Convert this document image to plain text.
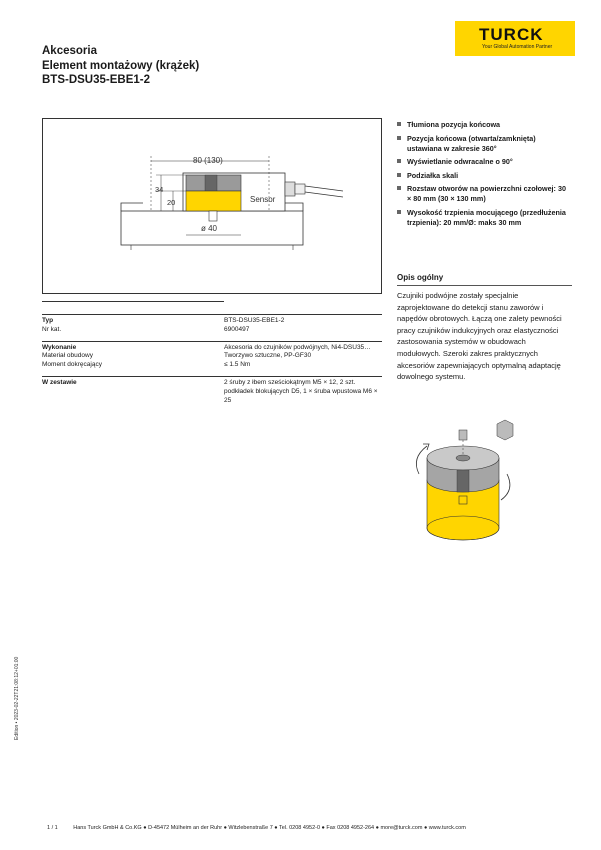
Akcesoria
Element montażowy (krążek)
BTS-DSU35-EBE1-2
TURCK
Your Global Automation Partner
Sensor
80 (130)
34
20
ø 40
Tłumiona pozycja końcowa
Pozycja końcowa (otwarta/zamknięta) ustawiana w zakresie 360°
Wyświetlanie odwracalne o 90°
Podziałka skali
Rozstaw otworów na powierzchni czołowej: 30 × 80 mm (30 × 130 mm)
Wysokość trzpienia mocującego (przedłużenia trzpienia): 20 mm/Ø: maks 30 mm
Opis ogólny
Czujniki podwójne zostały specjalnie zaprojektowane do detekcji stanu zaworów i napędów obrotowych. Łączą one zalety pewności pracy czujników indukcyjnych oraz elastyczności zastosowania systemów w obudowach modułowych. Szeroki zakres praktycznych akcesoriów zapewniających optymalną adaptację dowolnego systemu.
Typ	BTS-DSU35-EBE1-2
Nr kat.	6900497

Wykonanie	Akcesoria do czujników podwójnych, Ni4-DSU35…
Materiał obudowy	Tworzywo sztuczne, PP-GF30
Moment dokręcający	≤ 1.5 Nm

W zestawie	2 śruby z łbem sześciokątnym M5 × 12, 2 szt. podkładek blokujących D5, 1 × śruba wpustowa M6 × 25
Edition • 2023-02-22T21:08:12+01:00
1 / 1	Hans Turck GmbH & Co.KG ● D-45472 Mülheim an der Ruhr ● Witzlebenstraße 7 ● Tel. 0208 4952-0 ● Fax 0208 4952-264 ● more@turck.com ● www.turck.com
